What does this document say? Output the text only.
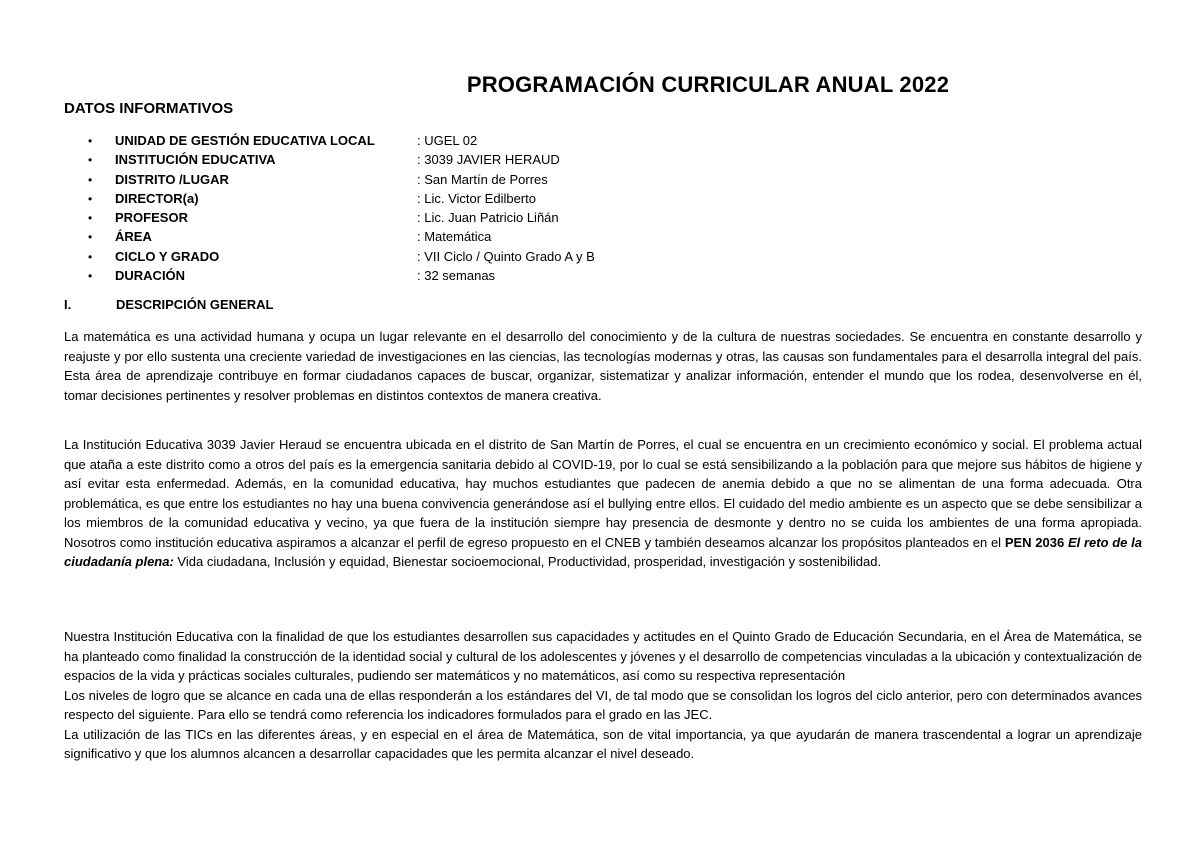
PROGRAMACIÓN CURRICULAR ANUAL 2022
DATOS INFORMATIVOS
•	UNIDAD DE GESTIÓN EDUCATIVA LOCAL	: UGEL 02
•	INSTITUCIÓN EDUCATIVA	: 3039 JAVIER HERAUD
•	DISTRITO /LUGAR	: San Martín de Porres
•	DIRECTOR(a)	: Lic. Victor Edilberto
•	PROFESOR	: Lic. Juan Patricio Liñán
•	ÁREA	: Matemática
•	CICLO Y GRADO	: VII Ciclo / Quinto Grado A y B
•	DURACIÓN	: 32 semanas
I.	DESCRIPCIÓN GENERAL

La matemática es una actividad humana y ocupa un lugar relevante en el desarrollo del conocimiento y de la cultura de nuestras sociedades. Se encuentra en constante desarrollo y reajuste y por ello sustenta una creciente variedad de investigaciones en las ciencias, las tecnologías modernas y otras, las causas son fundamentales para el desarrolla integral del país. Esta área de aprendizaje contribuye en formar ciudadanos capaces de buscar, organizar, sistematizar y analizar información, entender el mundo que los rodea, desenvolverse en él, tomar decisiones pertinentes y resolver problemas en distintos contextos de manera creativa.

La Institución Educativa 3039 Javier Heraud se encuentra ubicada en el distrito de San Martín de Porres, el cual se encuentra en un crecimiento económico y social. El problema actual que ataña a este distrito como a otros del país es la emergencia sanitaria debido al COVID-19, por lo cual se está sensibilizando a la población para que mejore sus hábitos de higiene y así evitar esta enfermedad. Además, en la comunidad educativa, hay muchos estudiantes que padecen de anemia debido a que no se alimentan de una forma adecuada. Otra problemática, es que entre los estudiantes no hay una buena convivencia generándose así el bullying entre ellos. El cuidado del medio ambiente es un aspecto que se debe sensibilizar a los miembros de la comunidad educativa y vecino, ya que fuera de la institución siempre hay presencia de desmonte y dentro no se cuida los ambientes de una forma apropiada. Nosotros como institución educativa aspiramos a alcanzar el perfil de egreso propuesto en el CNEB y también deseamos alcanzar los propósitos planteados en el PEN 2036 El reto de la ciudadanía plena: Vida ciudadana, Inclusión y equidad, Bienestar socioemocional, Productividad, prosperidad, investigación y sostenibilidad.

Nuestra Institución Educativa con la finalidad de que los estudiantes desarrollen sus capacidades y actitudes en el Quinto Grado de Educación Secundaria, en el Área de Matemática, se ha planteado como finalidad la construcción de la identidad social y cultural de los adolescentes y jóvenes y el desarrollo de competencias vinculadas a la ubicación y contextualización de espacios de la vida y prácticas sociales culturales, pudiendo ser matemáticos y no matemáticos, así como su respectiva representación

Los niveles de logro que se alcance en cada una de ellas responderán a los estándares del VI, de tal modo que se consolidan los logros del ciclo anterior, pero con determinados avances respecto del siguiente. Para ello se tendrá como referencia los indicadores formulados para el grado en las JEC.

La utilización de las TICs en las diferentes áreas, y en especial en el área de Matemática, son de vital importancia, ya que ayudarán de manera trascendental a lograr un aprendizaje significativo y que los alumnos alcancen a desarrollar capacidades que les permita alcanzar el nivel deseado.
